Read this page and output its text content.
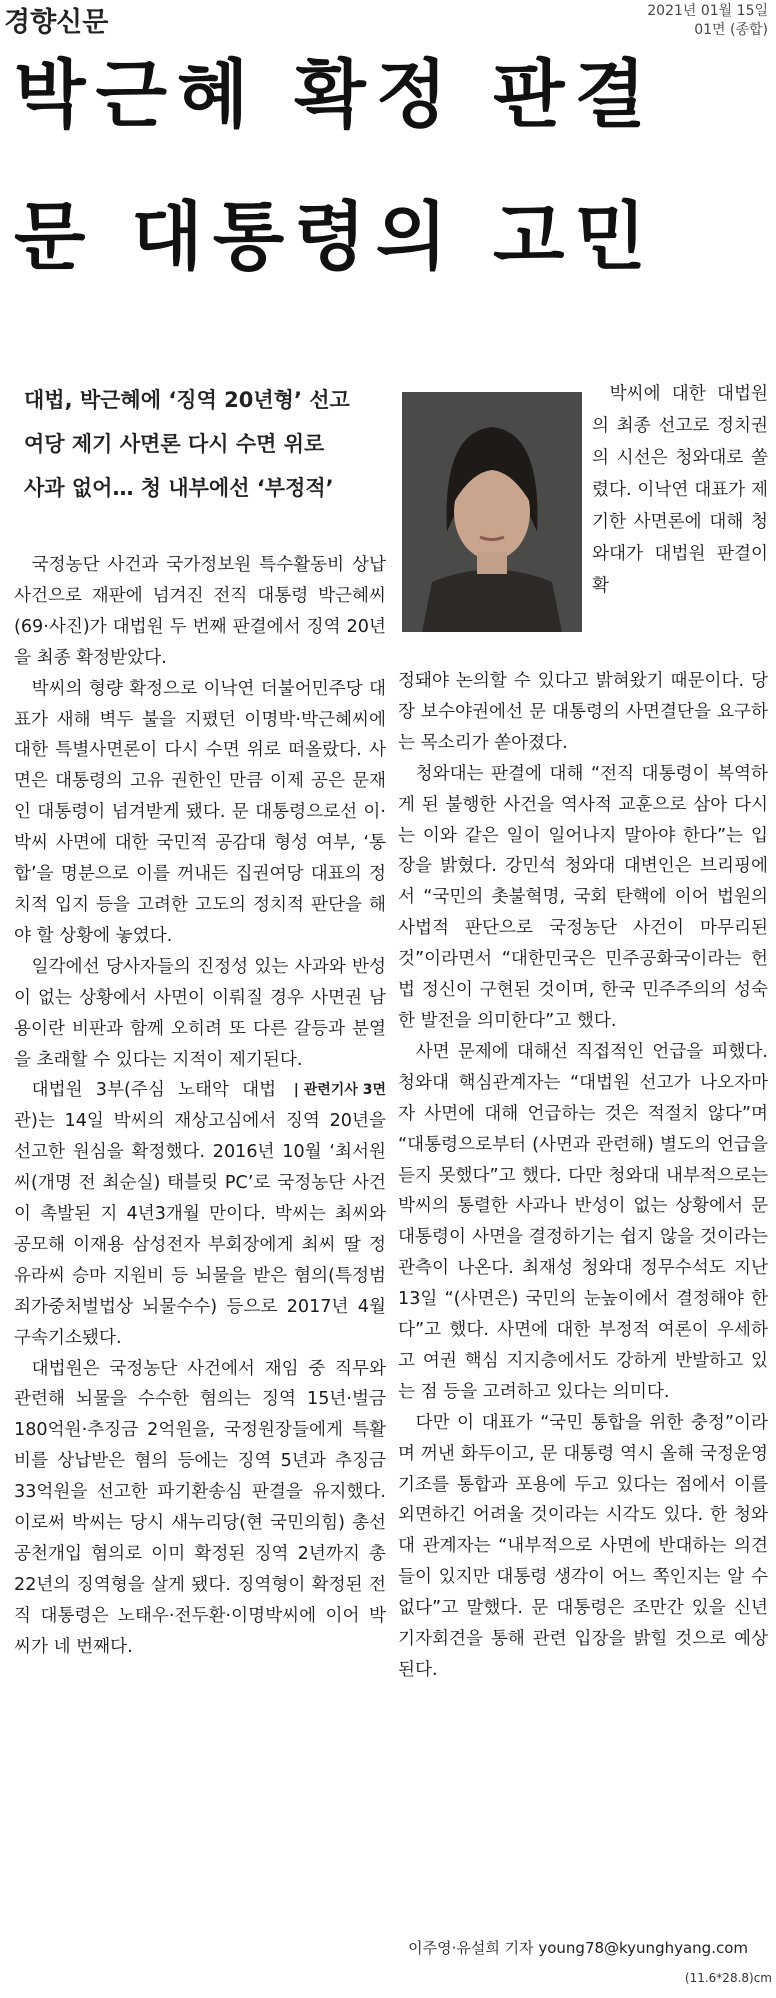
경향신문	2021년 01월 15일
01면 (종합)
박근혜 확정 판결
문 대통령의 고민
대법, 박근혜에 ‘징역 20년형’ 선고
여당 제기 사면론 다시 수면 위로
사과 없어… 청 내부에선 ‘부정적’

박씨에 대한 대법원의 최종 선고로 정치권의 시선은 청와대로 쏠렸다. 이낙연 대표가 제기한 사면론에 대해 청와대가 대법원 판결이 확

국정농단 사건과 국가정보원 특수활동비 상납 사건으로 재판에 넘겨진 전직 대통령 박근혜씨(69·사진)가 대법원 두 번째 판결에서 징역 20년을 최종 확정받았다.

박씨의 형량 확정으로 이낙연 더불어민주당 대표가 새해 벽두 불을 지폈던 이명박·박근혜씨에 대한 특별사면론이 다시 수면 위로 떠올랐다. 사면은 대통령의 고유 권한인 만큼 이제 공은 문재인 대통령이 넘겨받게 됐다. 문 대통령으로선 이·박씨 사면에 대한 국민적 공감대 형성 여부, ‘통합’을 명분으로 이를 꺼내든 집권여당 대표의 정치적 입지 등을 고려한 고도의 정치적 판단을 해야 할 상황에 놓였다.

일각에선 당사자들의 진정성 있는 사과와 반성이 없는 상황에서 사면이 이뤄질 경우 사면권 남용이란 비판과 함께 오히려 또 다른 갈등과 분열을 초래할 수 있다는 지적이 제기된다.
| 관련기사 3면

대법원 3부(주심 노태악 대법관)는 14일 박씨의 재상고심에서 징역 20년을 선고한 원심을 확정했다. 2016년 10월 ‘최서원씨(개명 전 최순실) 태블릿 PC’로 국정농단 사건이 촉발된 지 4년3개월 만이다. 박씨는 최씨와 공모해 이재용 삼성전자 부회장에게 최씨 딸 정유라씨 승마 지원비 등 뇌물을 받은 혐의(특정범죄가중처벌법상 뇌물수수) 등으로 2017년 4월 구속기소됐다.

대법원은 국정농단 사건에서 재임 중 직무와 관련해 뇌물을 수수한 혐의는 징역 15년·벌금 180억원·추징금 2억원을, 국정원장들에게 특활비를 상납받은 혐의 등에는 징역 5년과 추징금 33억원을 선고한 파기환송심 판결을 유지했다. 이로써 박씨는 당시 새누리당(현 국민의힘) 총선 공천개입 혐의로 이미 확정된 징역 2년까지 총 22년의 징역형을 살게 됐다. 징역형이 확정된 전직 대통령은 노태우·전두환·이명박씨에 이어 박씨가 네 번째다.

정돼야 논의할 수 있다고 밝혀왔기 때문이다. 당장 보수야권에선 문 대통령의 사면결단을 요구하는 목소리가 쏟아졌다.

청와대는 판결에 대해 “전직 대통령이 복역하게 된 불행한 사건을 역사적 교훈으로 삼아 다시는 이와 같은 일이 일어나지 말아야 한다”는 입장을 밝혔다. 강민석 청와대 대변인은 브리핑에서 “국민의 촛불혁명, 국회 탄핵에 이어 법원의 사법적 판단으로 국정농단 사건이 마무리된 것”이라면서 “대한민국은 민주공화국이라는 헌법 정신이 구현된 것이며, 한국 민주주의의 성숙한 발전을 의미한다”고 했다.

사면 문제에 대해선 직접적인 언급을 피했다. 청와대 핵심관계자는 “대법원 선고가 나오자마자 사면에 대해 언급하는 것은 적절치 않다”며 “대통령으로부터 (사면과 관련해) 별도의 언급을 듣지 못했다”고 했다. 다만 청와대 내부적으로는 박씨의 통렬한 사과나 반성이 없는 상황에서 문 대통령이 사면을 결정하기는 쉽지 않을 것이라는 관측이 나온다. 최재성 청와대 정무수석도 지난 13일 “(사면은) 국민의 눈높이에서 결정해야 한다”고 했다. 사면에 대한 부정적 여론이 우세하고 여권 핵심 지지층에서도 강하게 반발하고 있는 점 등을 고려하고 있다는 의미다.

다만 이 대표가 “국민 통합을 위한 충정”이라며 꺼낸 화두이고, 문 대통령 역시 올해 국정운영 기조를 통합과 포용에 두고 있다는 점에서 이를 외면하긴 어려울 것이라는 시각도 있다. 한 청와대 관계자는 “내부적으로 사면에 반대하는 의견들이 있지만 대통령 생각이 어느 쪽인지는 알 수 없다”고 말했다. 문 대통령은 조만간 있을 신년 기자회견을 통해 관련 입장을 밝힐 것으로 예상된다.

이주영·유설희 기자 young78@kyunghyang.com
(11.6*28.8)cm
